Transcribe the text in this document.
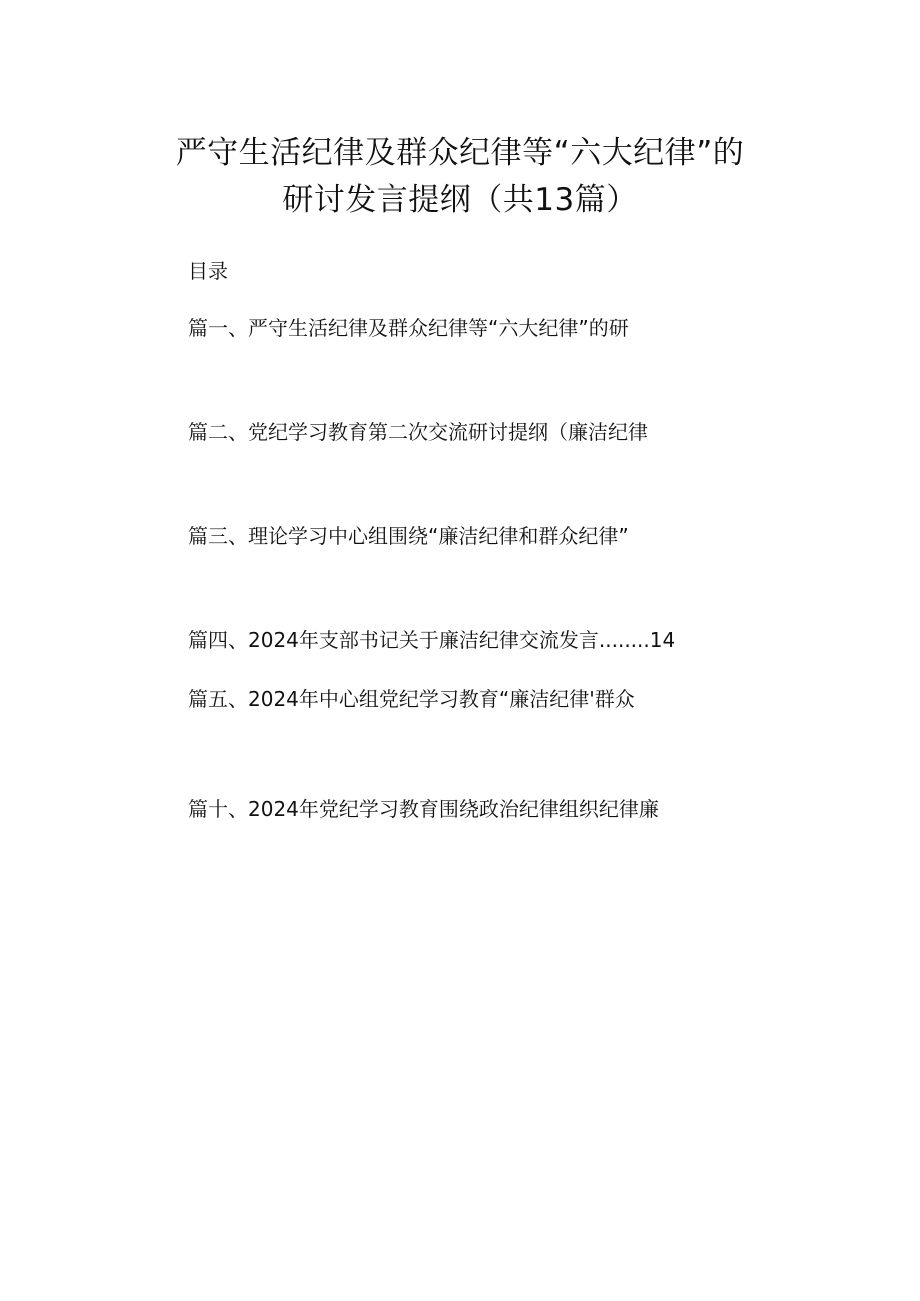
严守生活纪律及群众纪律等“六大纪律”的
研讨发言提纲（共13篇）
目录
篇一、严守生活纪律及群众纪律等“六大纪律”的研
篇二、党纪学习教育第二次交流研讨提纲（廉洁纪律
篇三、理论学习中心组围绕“廉洁纪律和群众纪律”
篇四、2024年支部书记关于廉洁纪律交流发言........14
篇五、2024年中心组党纪学习教育“廉洁纪律'群众
篇十、2024年党纪学习教育围绕政治纪律组织纪律廉
